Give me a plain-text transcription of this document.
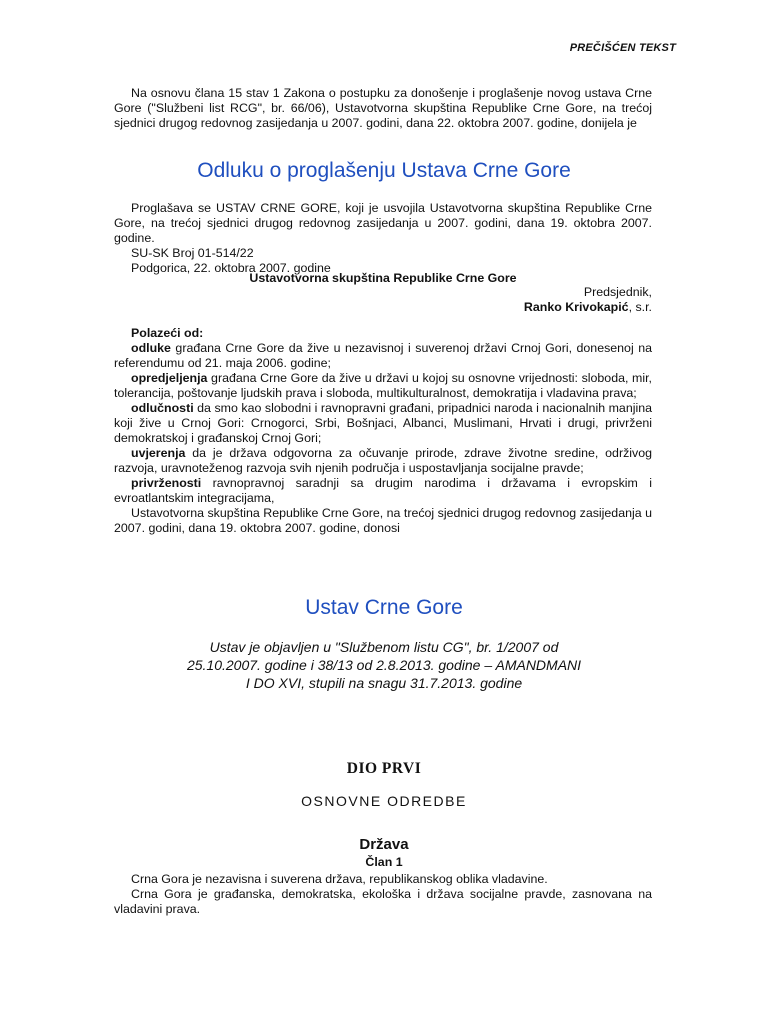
PREČIŠĆEN TEKST

Na osnovu člana 15 stav 1 Zakona o postupku za donošenje i proglašenje novog ustava Crne Gore ("Službeni list RCG", br. 66/06), Ustavotvorna skupština Republike Crne Gore, na trećoj sjednici drugog redovnog zasijedanja u 2007. godini, dana 22. oktobra 2007. godine, donijela je

Odluku o proglašenju Ustava Crne Gore

Proglašava se USTAV CRNE GORE, koji je usvojila Ustavotvorna skupština Republike Crne Gore, na trećoj sjednici drugog redovnog zasijedanja u 2007. godini, dana 19. oktobra 2007. godine.

SU-SK Broj 01-514/22

Podgorica, 22. oktobra 2007. godine

Ustavotvorna skupština Republike Crne Gore
Predsjednik,
Ranko Krivokapić, s.r.

Polazeći od:

odluke građana Crne Gore da žive u nezavisnoj i suverenoj državi Crnoj Gori, donesenoj na referendumu od 21. maja 2006. godine;

opredjeljenja građana Crne Gore da žive u državi u kojoj su osnovne vrijednosti: sloboda, mir, tolerancija, poštovanje ljudskih prava i sloboda, multikulturalnost, demokratija i vladavina prava;

odlučnosti da smo kao slobodni i ravnopravni građani, pripadnici naroda i nacionalnih manjina koji žive u Crnoj Gori: Crnogorci, Srbi, Bošnjaci, Albanci, Muslimani, Hrvati i drugi, privrženi demokratskoj i građanskoj Crnoj Gori;

uvjerenja da je država odgovorna za očuvanje prirode, zdrave životne sredine, održivog razvoja, uravnoteženog razvoja svih njenih područja i uspostavljanja socijalne pravde;

privrženosti ravnopravnoj saradnji sa drugim narodima i državama i evropskim i evroatlantskim integracijama,

Ustavotvorna skupština Republike Crne Gore, na trećoj sjednici drugog redovnog zasijedanja u 2007. godini, dana 19. oktobra 2007. godine, donosi

Ustav Crne Gore
Ustav je objavljen u "Službenom listu CG", br. 1/2007 od 25.10.2007. godine i 38/13 od 2.8.2013. godine – AMANDMANI I DO XVI, stupili na snagu 31.7.2013. godine
DIO PRVI
OSNOVNE ODREDBE
Država
Član 1

Crna Gora je nezavisna i suverena država, republikanskog oblika vladavine.

Crna Gora je građanska, demokratska, ekološka i država socijalne pravde, zasnovana na vladavini prava.
